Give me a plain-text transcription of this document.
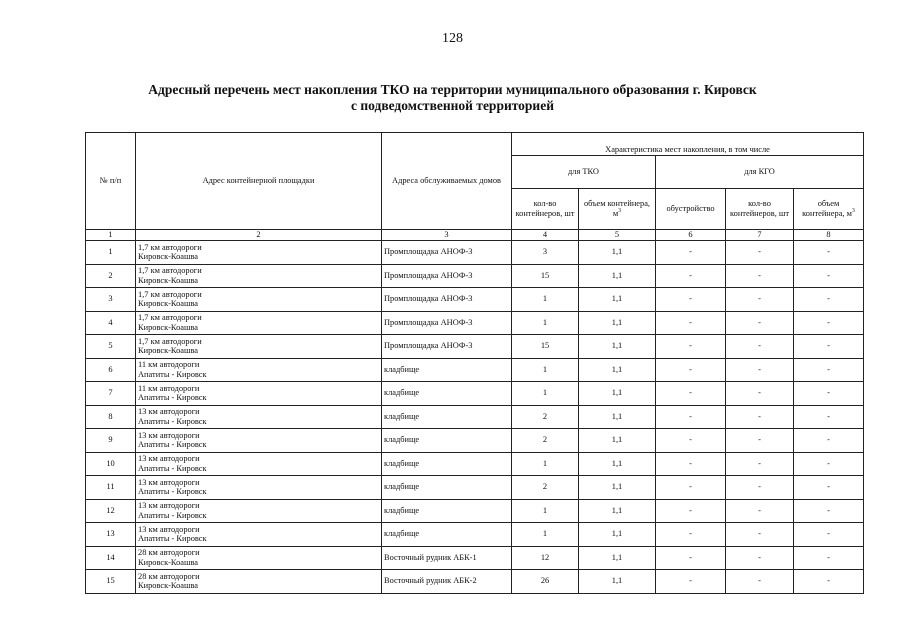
128
Адресный перечень мест накопления ТКО на территории муниципального образования г. Кировск
с подведомственной территорией
№ п/п	Адрес контейнерной площадки	Адреса обслуживаемых домов	Характеристика мест накопления, в том числе				
			для ТКО		для КГО		
			кол-во контейнеров, шт	объем контейнера, $м^3$	обустройство	кол-во контейнеров, шт	объем контейнера, $м^3$
1	2	3	4	5	6	7	8
1	1,7 км автодороги
Кировск-Коашва	Промплощадка АНОФ-3	3	1,1	-	-	-
2	1,7 км автодороги
Кировск-Коашва	Промплощадка АНОФ-3	15	1,1	-	-	-
3	1,7 км автодороги
Кировск-Коашва	Промплощадка АНОФ-3	1	1,1	-	-	-
4	1,7 км автодороги
Кировск-Коашва	Промплощадка АНОФ-3	1	1,1	-	-	-
5	1,7 км автодороги
Кировск-Коашва	Промплощадка АНОФ-3	15	1,1	-	-	-
6	11 км автодороги
Апатиты - Кировск	кладбище	1	1,1	-	-	-
7	11 км автодороги
Апатиты - Кировск	кладбище	1	1,1	-	-	-
8	13 км автодороги
Апатиты - Кировск	кладбище	2	1,1	-	-	-
9	13 км автодороги
Апатиты - Кировск	кладбище	2	1,1	-	-	-
10	13 км автодороги
Апатиты - Кировск	кладбище	1	1,1	-	-	-
11	13 км автодороги
Апатиты - Кировск	кладбище	2	1,1	-	-	-
12	13 км автодороги
Апатиты - Кировск	кладбище	1	1,1	-	-	-
13	13 км автодороги
Апатиты - Кировск	кладбище	1	1,1	-	-	-
14	28 км автодороги
Кировск-Коашва	Восточный рудник АБК-1	12	1,1	-	-	-
15	28 км автодороги
Кировск-Коашва	Восточный рудник АБК-2	26	1,1	-	-	-
